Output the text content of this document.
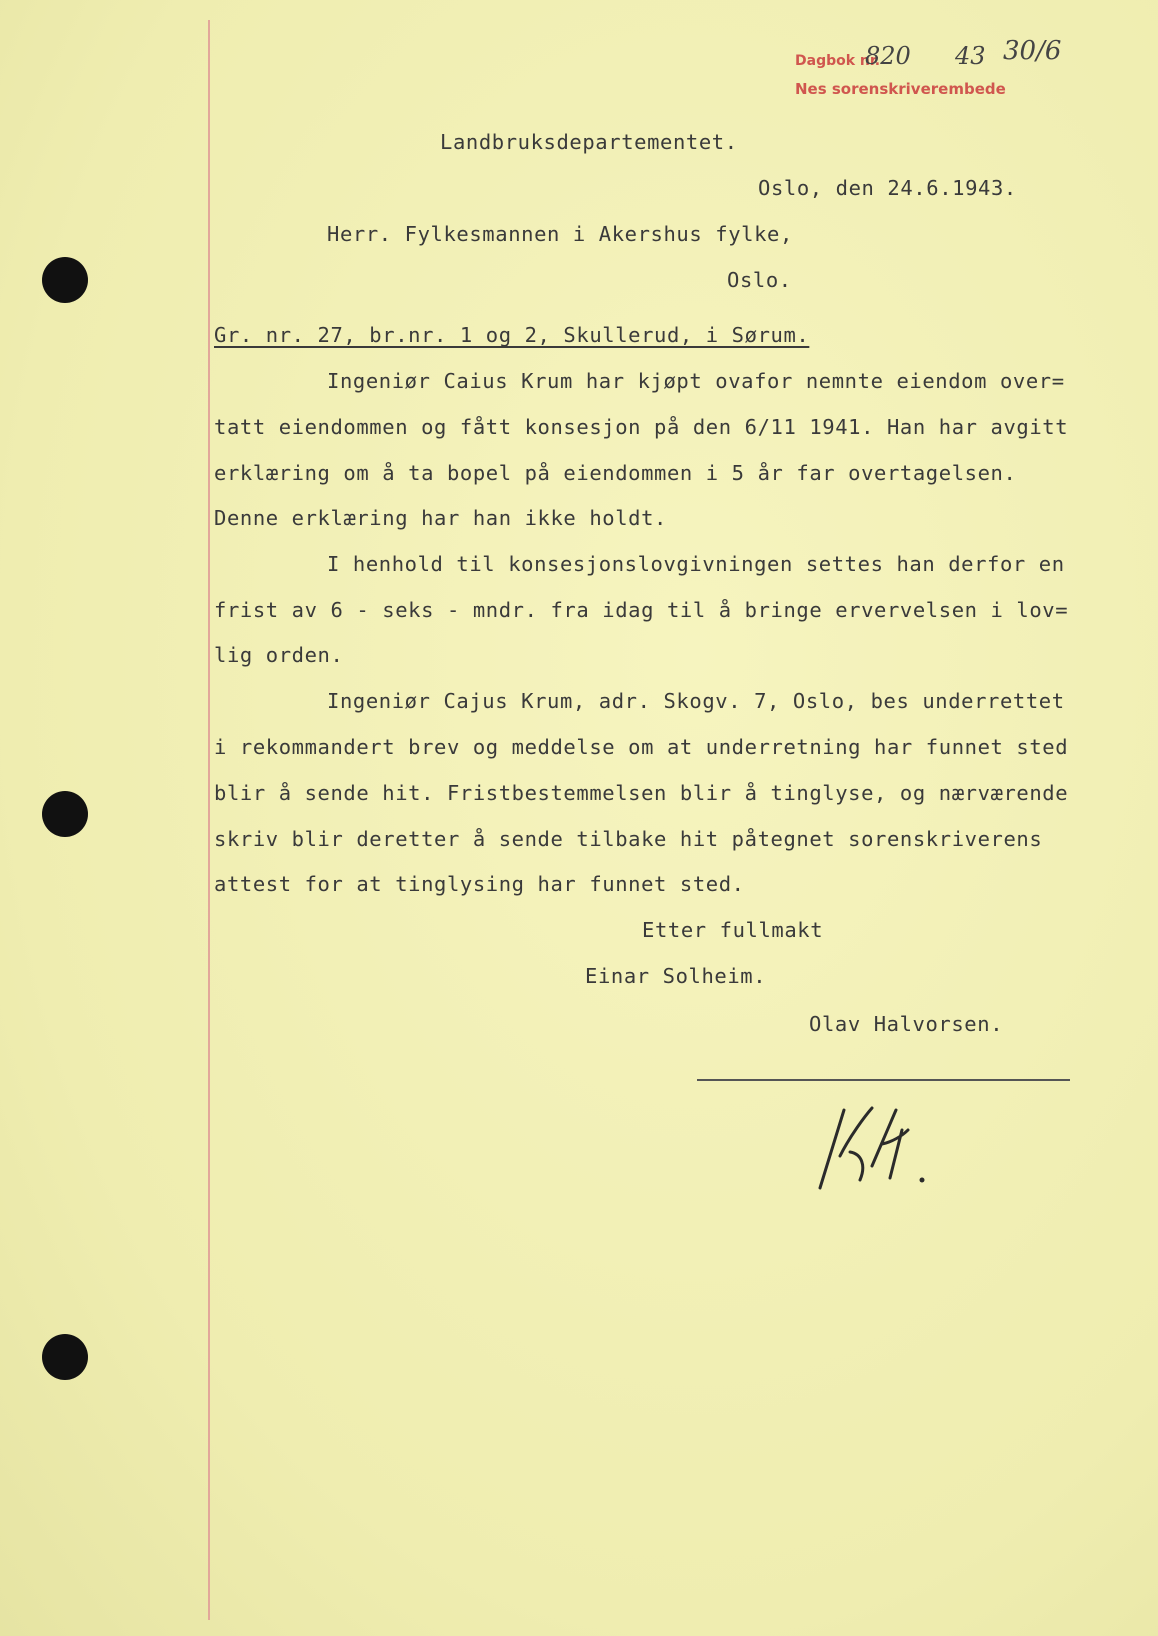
Dagbok nr.
820 43 30/6
Nes sorenskriverembede
Landbruksdepartementet.
Oslo, den 24.6.1943.
Herr. Fylkesmannen i Akershus fylke,
Oslo.
Gr. nr. 27, br.nr. 1 og 2, Skullerud, i Sørum.
Ingeniør Caius Krum har kjøpt ovafor nemnte eiendom over=
tatt eiendommen og fått konsesjon på den 6/11 1941. Han har avgitt
erklæring om å ta bopel på eiendommen i 5 år far overtagelsen.
Denne erklæring har han ikke holdt.
I henhold til konsesjonslovgivningen settes han derfor en
frist av 6 - seks - mndr. fra idag til å bringe ervervelsen i lov=
lig orden.
Ingeniør Cajus Krum, adr. Skogv. 7, Oslo, bes underrettet
i rekommandert brev og meddelse om at underretning har funnet sted
blir å sende hit. Fristbestemmelsen blir å tinglyse, og nærværende
skriv blir deretter å sende tilbake hit påtegnet sorenskriverens
attest for at tinglysing har funnet sted.
Etter fullmakt
Einar Solheim.
Olav Halvorsen.
